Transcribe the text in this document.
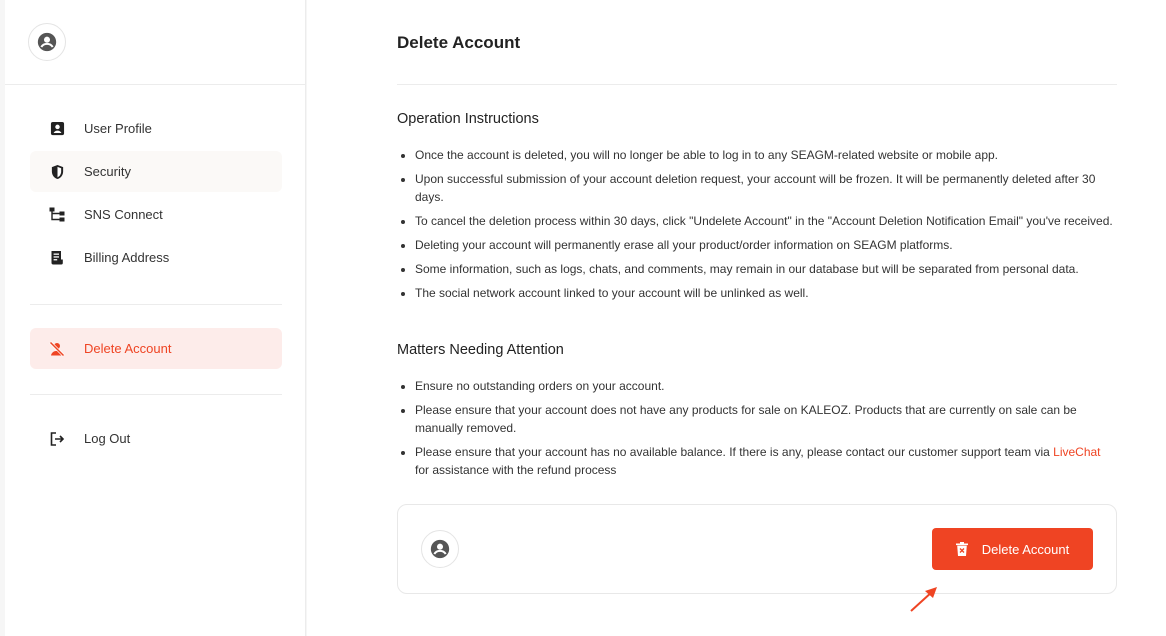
User Profile
Security
SNS Connect
Billing Address
Delete Account
Log Out
Delete Account
Operation Instructions
• Once the account is deleted, you will no longer be able to log in to any SEAGM-related website or mobile app.
• Upon successful submission of your account deletion request, your account will be frozen. It will be permanently deleted after 30 days.
• To cancel the deletion process within 30 days, click "Undelete Account" in the "Account Deletion Notification Email" you've received.
• Deleting your account will permanently erase all your product/order information on SEAGM platforms.
• Some information, such as logs, chats, and comments, may remain in our database but will be separated from personal data.
• The social network account linked to your account will be unlinked as well.
Matters Needing Attention
• Ensure no outstanding orders on your account.
• Please ensure that your account does not have any products for sale on KALEOZ. Products that are currently on sale can be manually removed.
• Please ensure that your account has no available balance. If there is any, please contact our customer support team via LiveChat for assistance with the refund process
Delete Account
